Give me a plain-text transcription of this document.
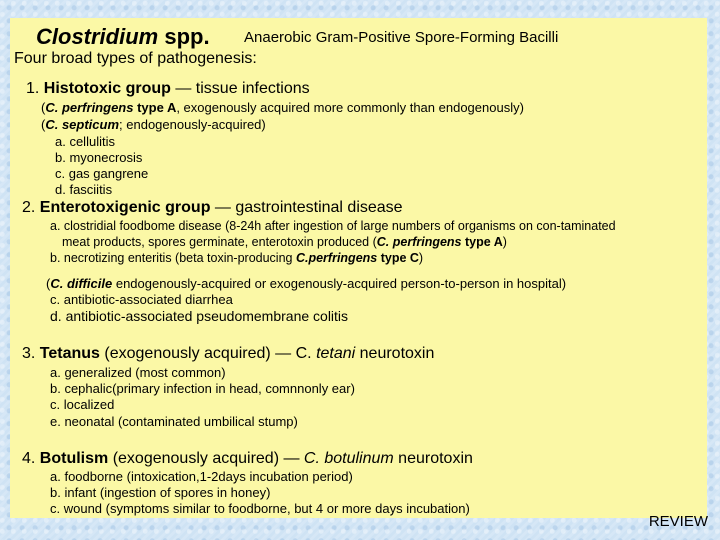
Clostridium spp. Anaerobic Gram-Positive Spore-Forming Bacilli
Four broad types of pathogenesis:
1. Histotoxic group — tissue infections
(C. perfringens type A, exogenously acquired more commonly than endogenously)
(C. septicum; endogenously-acquired)
a. cellulitis
b. myonecrosis
c. gas gangrene
d. fasciitis
2. Enterotoxigenic group — gastrointestinal disease
a. clostridial foodbome disease (8-24h after ingestion of large numbers of organisms on con-taminated
meat products, spores germinate, enterotoxin produced (C. perfringens type A)
b. necrotizing enteritis (beta toxin-producing C.perfringens type C)
(C. difficile endogenously-acquired or exogenously-acquired person-to-person in hospital)
c. antibiotic-associated diarrhea
d. antibiotic-associated pseudomembrane colitis
3. Tetanus (exogenously acquired) — C. tetani neurotoxin
a. generalized (most common)
b. cephalic(primary infection in head, comnnonly ear)
c. localized
e. neonatal (contaminated umbilical stump)
4. Botulism (exogenously acquired) — C. botulinum neurotoxin
a. foodborne (intoxication,1-2days incubation period)
b. infant (ingestion of spores in honey)
c. wound (symptoms similar to foodborne, but 4 or more days incubation)
REVIEW
